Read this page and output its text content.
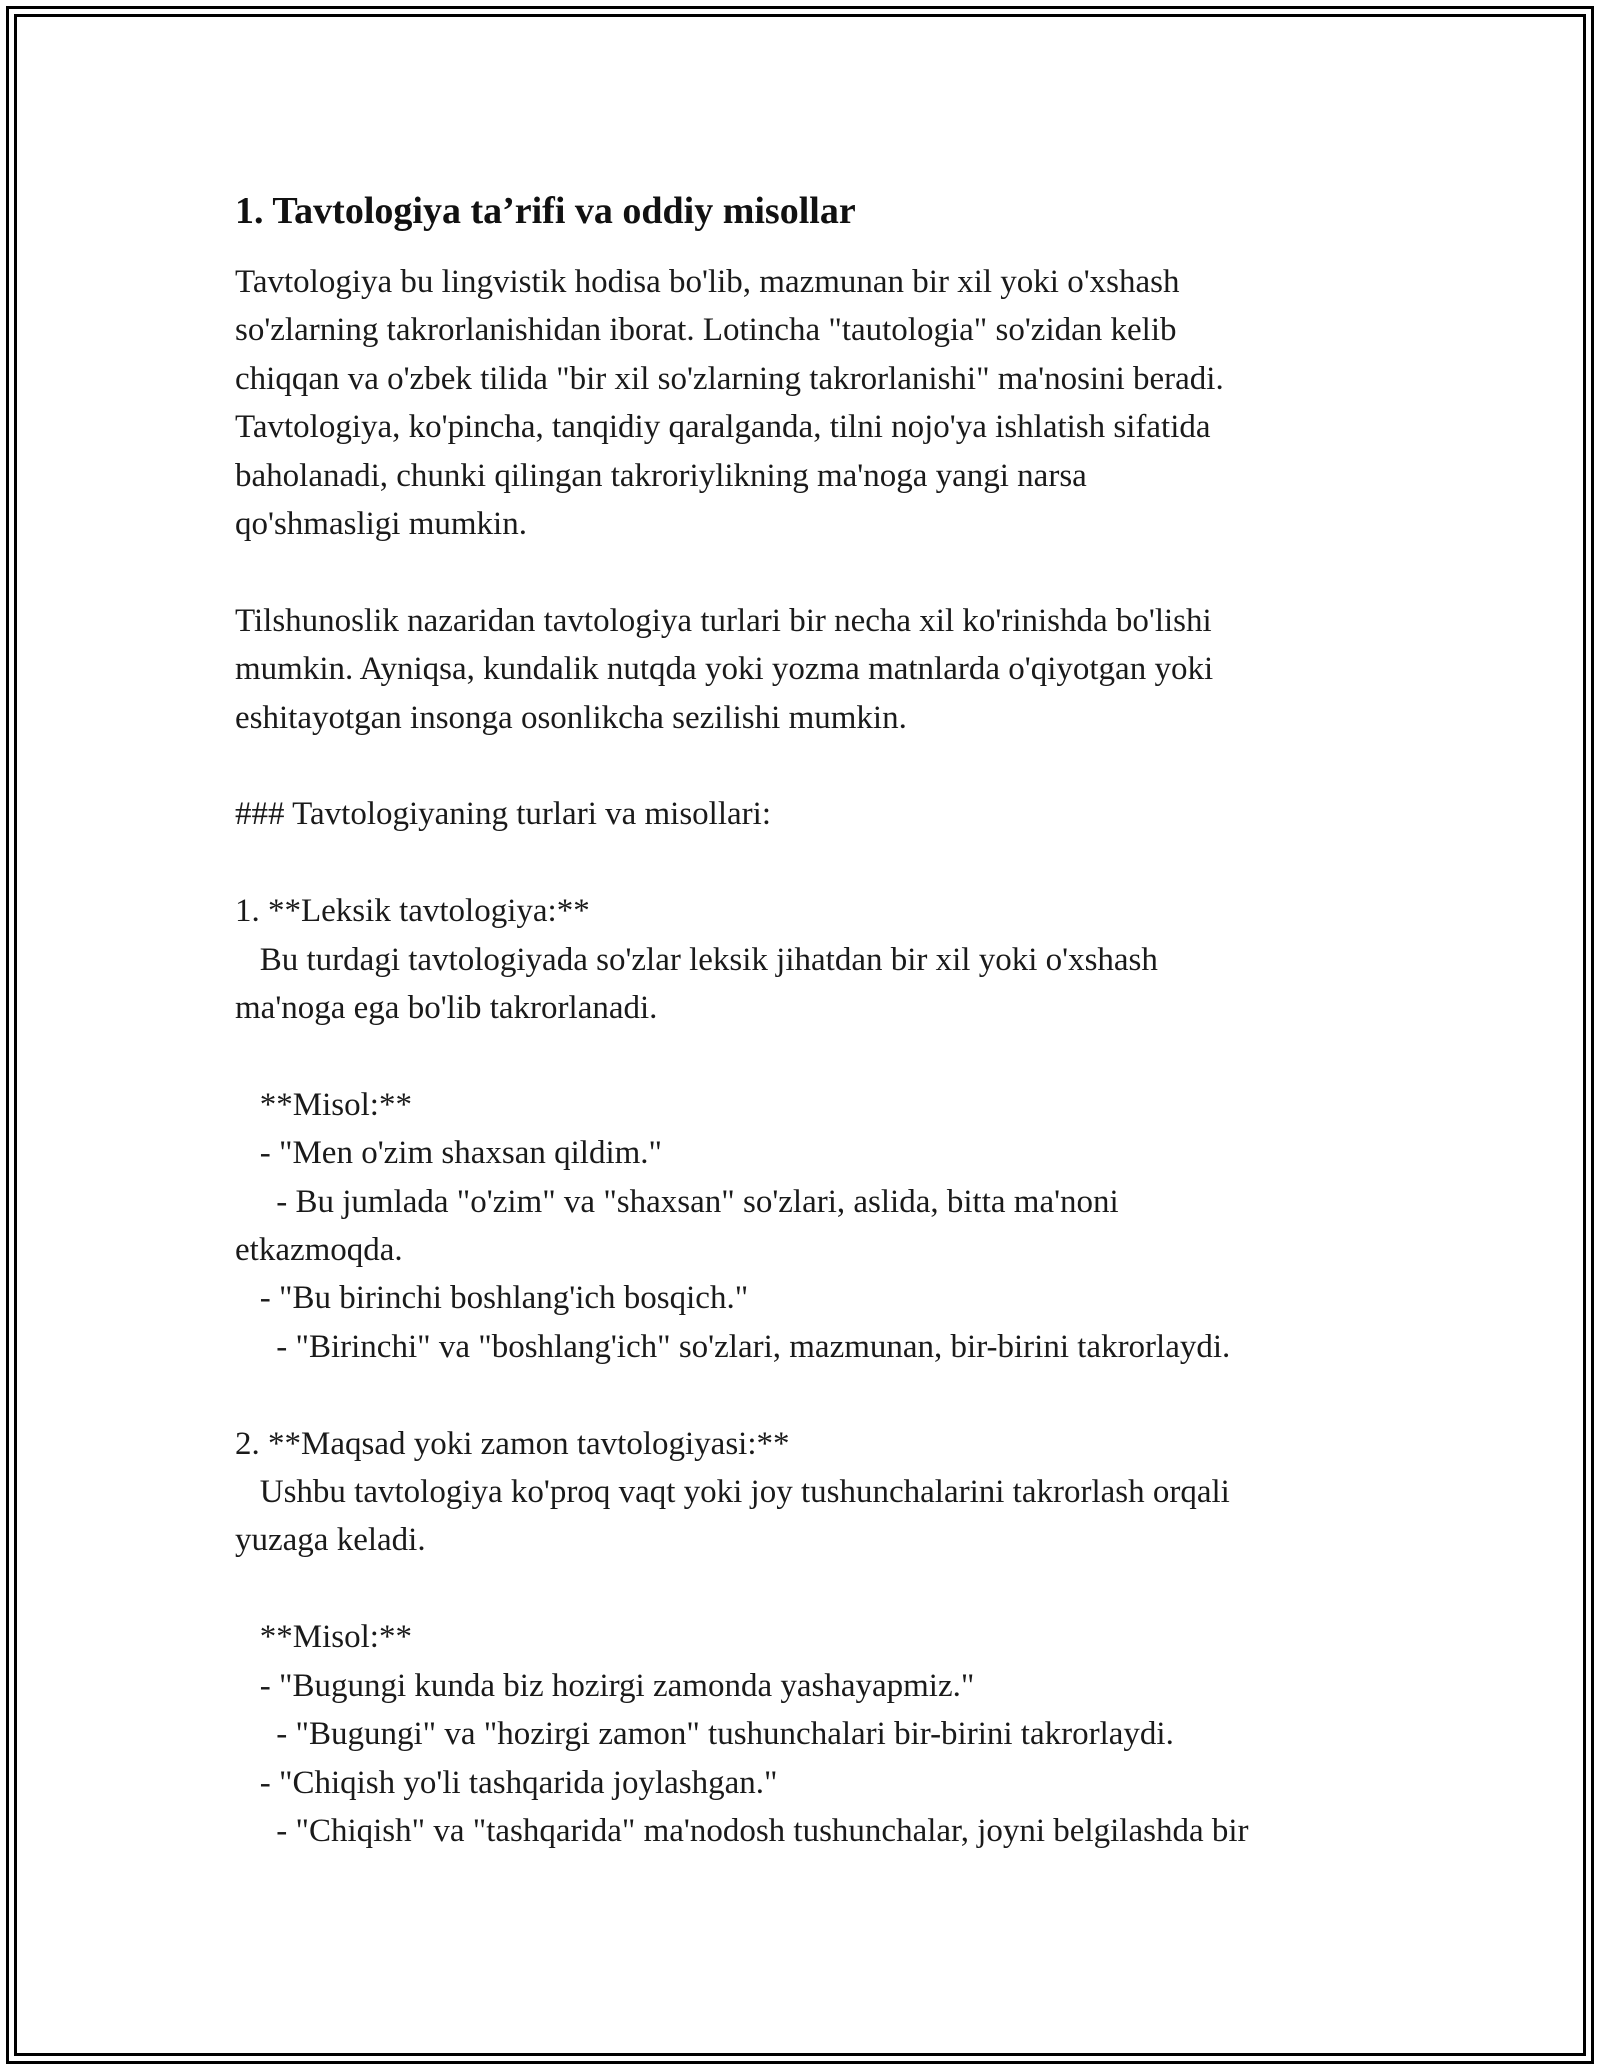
1. Tavtologiya ta’rifi va oddiy misollar

Tavtologiya bu lingvistik hodisa bo'lib, mazmunan bir xil yoki o'xshash

so'zlarning takrorlanishidan iborat. Lotincha "tautologia" so'zidan kelib

chiqqan va o'zbek tilida "bir xil so'zlarning takrorlanishi" ma'nosini beradi.

Tavtologiya, ko'pincha, tanqidiy qaralganda, tilni nojo'ya ishlatish sifatida

baholanadi, chunki qilingan takroriylikning ma'noga yangi narsa

qo'shmasligi mumkin.

Tilshunoslik nazaridan tavtologiya turlari bir necha xil ko'rinishda bo'lishi

mumkin. Ayniqsa, kundalik nutqda yoki yozma matnlarda o'qiyotgan yoki

eshitayotgan insonga osonlikcha sezilishi mumkin.

### Tavtologiyaning turlari va misollari:

1. **Leksik tavtologiya:**

Bu turdagi tavtologiyada so'zlar leksik jihatdan bir xil yoki o'xshash

ma'noga ega bo'lib takrorlanadi.

**Misol:**

- "Men o'zim shaxsan qildim."

- Bu jumlada "o'zim" va "shaxsan" so'zlari, aslida, bitta ma'noni

etkazmoqda.

- "Bu birinchi boshlang'ich bosqich."

- "Birinchi" va "boshlang'ich" so'zlari, mazmunan, bir-birini takrorlaydi.

2. **Maqsad yoki zamon tavtologiyasi:**

Ushbu tavtologiya ko'proq vaqt yoki joy tushunchalarini takrorlash orqali

yuzaga keladi.

**Misol:**

- "Bugungi kunda biz hozirgi zamonda yashayapmiz."

- "Bugungi" va "hozirgi zamon" tushunchalari bir-birini takrorlaydi.

- "Chiqish yo'li tashqarida joylashgan."

- "Chiqish" va "tashqarida" ma'nodosh tushunchalar, joyni belgilashda bir
